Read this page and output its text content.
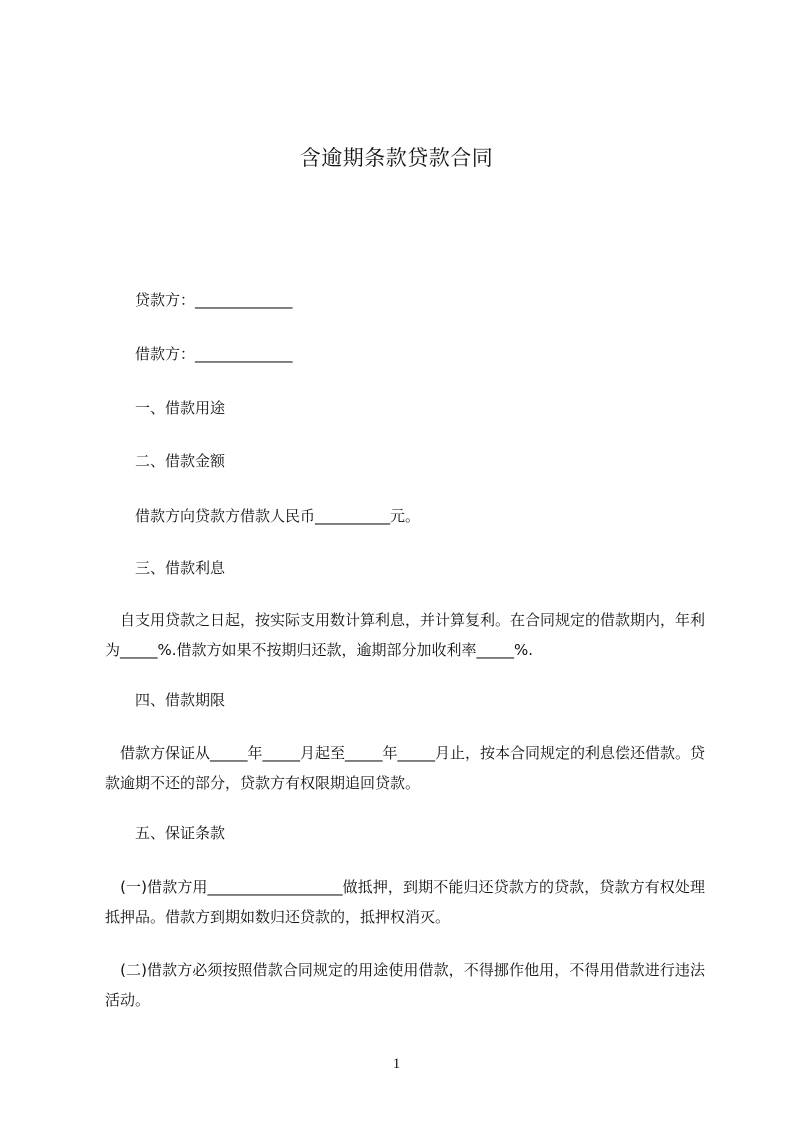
含逾期条款贷款合同
贷款方：_____________
借款方：_____________
一、借款用途
二、借款金额
借款方向贷款方借款人民币__________元。
三、借款利息
　自支用贷款之日起，按实际支用数计算利息，并计算复利。在合同规定的借款期内，年利为_____%.借款方如果不按期归还款，逾期部分加收利率_____%.
四、借款期限
　借款方保证从_____年_____月起至_____年_____月止，按本合同规定的利息偿还借款。贷款逾期不还的部分，贷款方有权限期追回贷款。
五、保证条款
　(一)借款方用__________________做抵押，到期不能归还贷款方的贷款，贷款方有权处理抵押品。借款方到期如数归还贷款的，抵押权消灭。
　(二)借款方必须按照借款合同规定的用途使用借款，不得挪作他用，不得用借款进行违法活动。
1
